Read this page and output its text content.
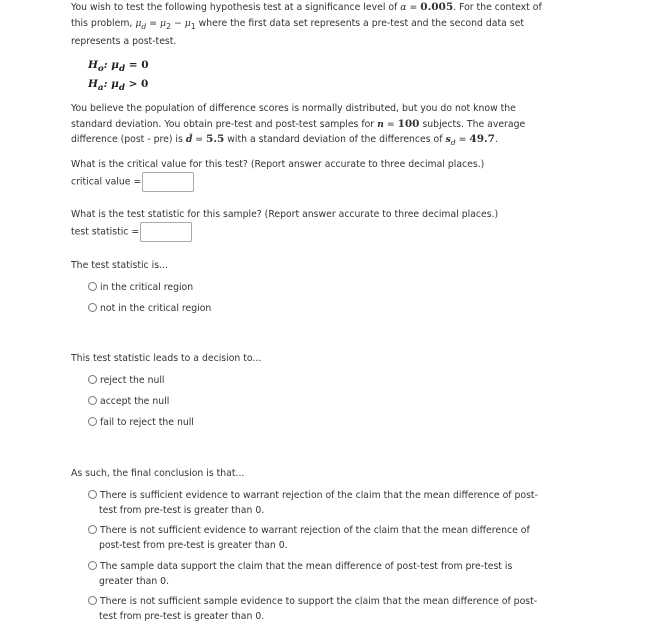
You wish to test the following hypothesis test at a significance level of α = 0.005. For the context of
this problem, $\mu_d = \mu_2 - \mu_1$ where the first data set represents a pre-test and the second data set
represents a post-test.
$H_o$: $\mu_d = 0$
$H_a$: $\mu_d > 0$
You believe the population of difference scores is normally distributed, but you do not know the
standard deviation. You obtain pre-test and post-test samples for n = 100 subjects. The average
difference (post - pre) is d̄ = 5.5 with a standard deviation of the differences of $s_d = 49.7$.
What is the critical value for this test? (Report answer accurate to three decimal places.)
critical value =
What is the test statistic for this sample? (Report answer accurate to three decimal places.)
test statistic =
The test statistic is...
in the critical region
not in the critical region
This test statistic leads to a decision to...
reject the null
accept the null
fail to reject the null
As such, the final conclusion is that...
There is sufficient evidence to warrant rejection of the claim that the mean difference of post-
test from pre-test is greater than 0.
There is not sufficient evidence to warrant rejection of the claim that the mean difference of
post-test from pre-test is greater than 0.
The sample data support the claim that the mean difference of post-test from pre-test is
greater than 0.
There is not sufficient sample evidence to support the claim that the mean difference of post-
test from pre-test is greater than 0.
